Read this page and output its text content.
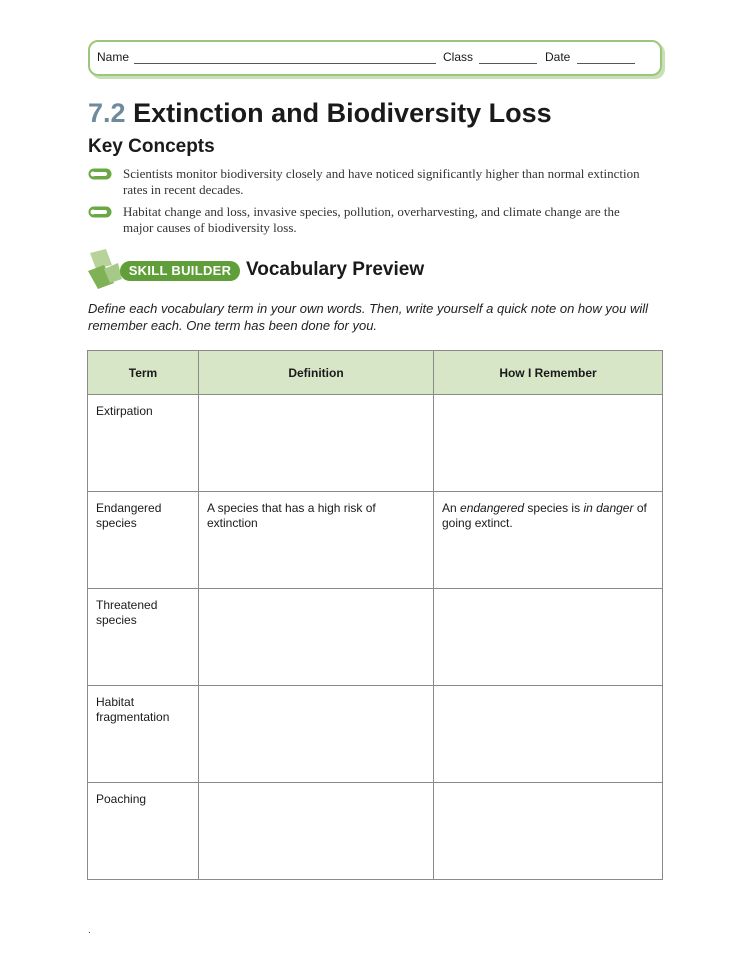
Name	Class	Date
7.2 Extinction and Biodiversity Loss
Key Concepts
Scientists monitor biodiversity closely and have noticed significantly higher than normal extinction rates in recent decades.
Habitat change and loss, invasive species, pollution, overharvesting, and climate change are the major causes of biodiversity loss.
SKILL BUILDER Vocabulary Preview
Define each vocabulary term in your own words. Then, write yourself a quick note on how you will remember each. One term has been done for you.
Term	Definition	How I Remember
Extirpation		
Endangered species	A species that has a high risk of extinction	An endangered species is in danger of going extinct.
Threatened species		
Habitat fragmentation		
Poaching		
.
